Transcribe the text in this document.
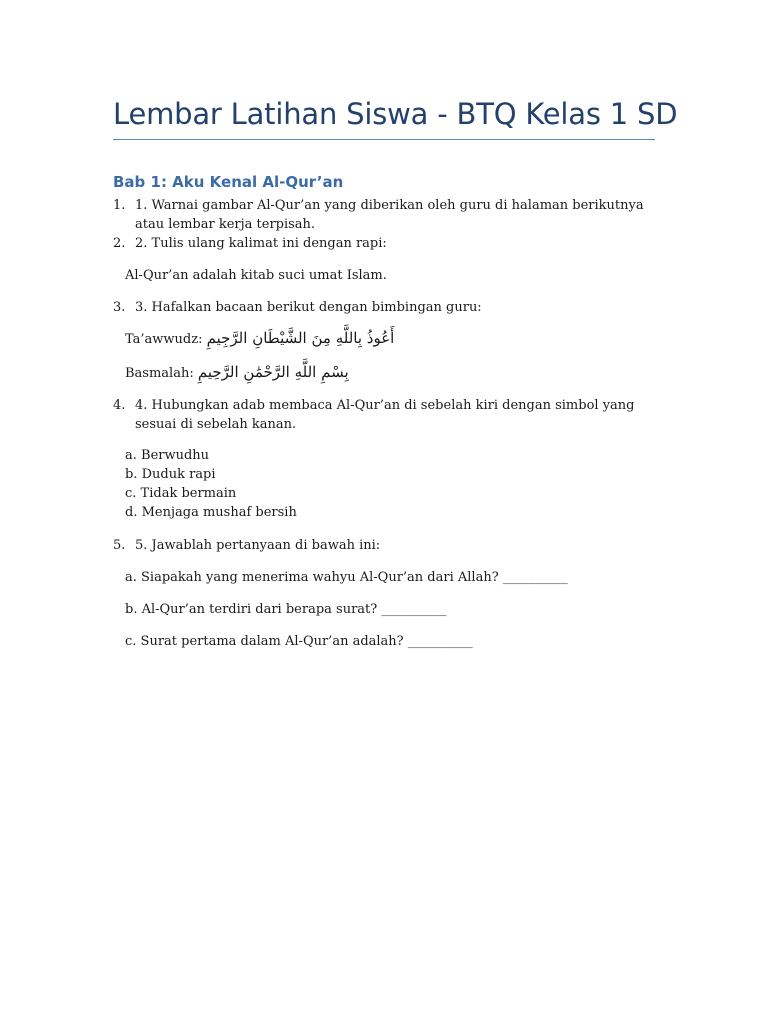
Lembar Latihan Siswa - BTQ Kelas 1 SD
Bab 1: Aku Kenal Al-Qur’an
1. 1. Warnai gambar Al-Qur’an yang diberikan oleh guru di halaman berikutnya atau lembar kerja terpisah.
2. 2. Tulis ulang kalimat ini dengan rapi:
Al-Qur’an adalah kitab suci umat Islam.
3. 3. Hafalkan bacaan berikut dengan bimbingan guru:
Ta’awwudz: أَعُوذُ بِاللَّهِ مِنَ الشَّيْطَانِ الرَّجِيمِ
Basmalah: بِسْمِ اللَّهِ الرَّحْمَٰنِ الرَّحِيمِ
4. 4. Hubungkan adab membaca Al-Qur’an di sebelah kiri dengan simbol yang sesuai di sebelah kanan.
a. Berwudhu
b. Duduk rapi
c. Tidak bermain
d. Menjaga mushaf bersih
5. 5. Jawablah pertanyaan di bawah ini:
a. Siapakah yang menerima wahyu Al-Qur’an dari Allah? __________
b. Al-Qur’an terdiri dari berapa surat? __________
c. Surat pertama dalam Al-Qur’an adalah? __________
